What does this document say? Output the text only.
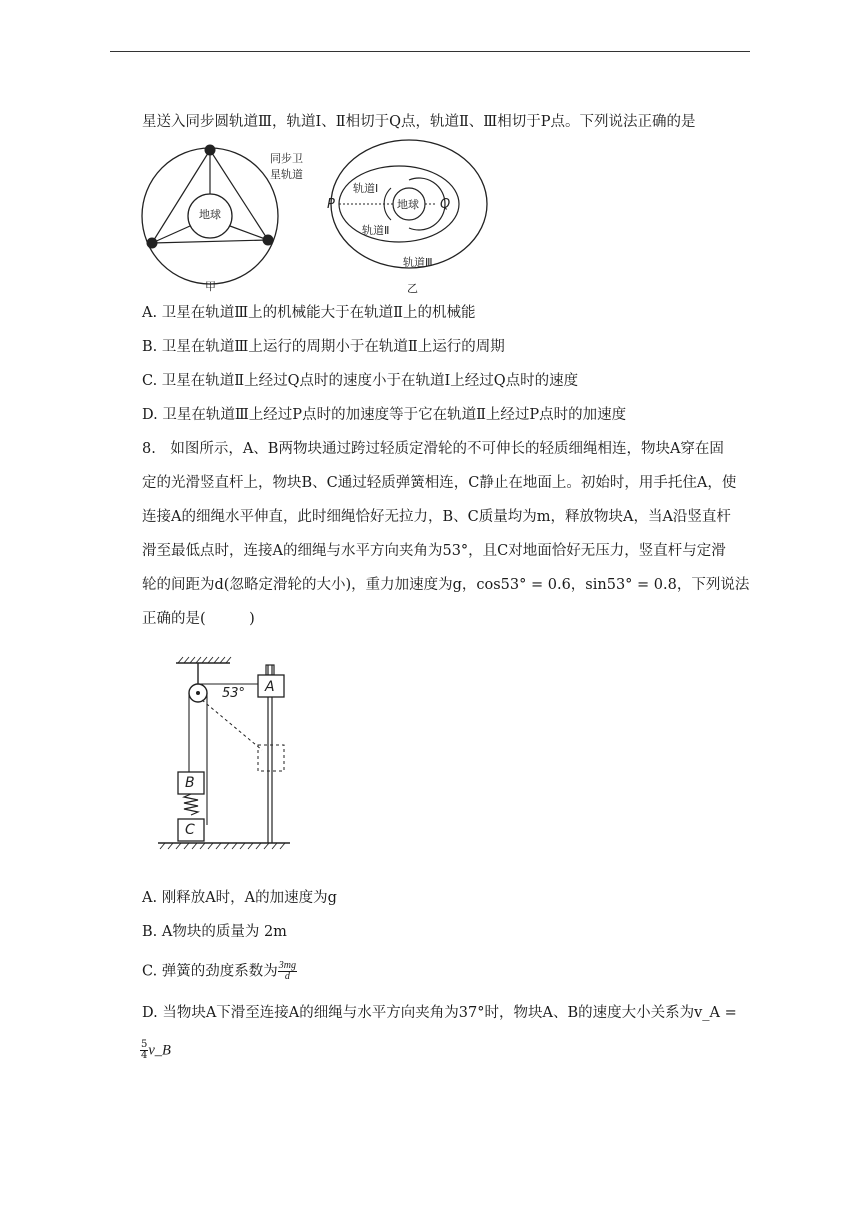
星送入同步圆轨道Ⅲ，轨道Ⅰ、Ⅱ相切于Q点，轨道Ⅱ、Ⅲ相切于P点。下列说法正确的是
地球
同步卫
星轨道
甲
轨道Ⅰ
地球
P	Q
轨道Ⅱ
轨道Ⅲ
乙
A. 卫星在轨道Ⅲ上的机械能大于在轨道Ⅱ上的机械能
B. 卫星在轨道Ⅲ上运行的周期小于在轨道Ⅱ上运行的周期
C. 卫星在轨道Ⅱ上经过Q点时的速度小于在轨道Ⅰ上经过Q点时的速度
D. 卫星在轨道Ⅲ上经过P点时的加速度等于它在轨道Ⅱ上经过P点时的加速度
8.　如图所示，A、B两物块通过跨过轻质定滑轮的不可伸长的轻质细绳相连，物块A穿在固
定的光滑竖直杆上，物块B、C通过轻质弹簧相连，C静止在地面上。初始时，用手托住A，使
连接A的细绳水平伸直，此时细绳恰好无拉力，B、C质量均为m，释放物块A，当A沿竖直杆
滑至最低点时，连接A的细绳与水平方向夹角为53°，且C对地面恰好无压力，竖直杆与定滑
轮的间距为d(忽略定滑轮的大小)，重力加速度为g，cos53° = 0.6，sin53° = 0.8，下列说法
正确的是(　　　)
53° A
B
C
A. 刚释放A时，A的加速度为g
B. A物块的质量为 2m
C. 弹簧的劲度系数为 $\frac{3mg}{d}$
D. 当物块A下滑至连接A的细绳与水平方向夹角为37°时，物块A、B的速度大小关系为v_A =
$\frac{5}{4}$ v_B
